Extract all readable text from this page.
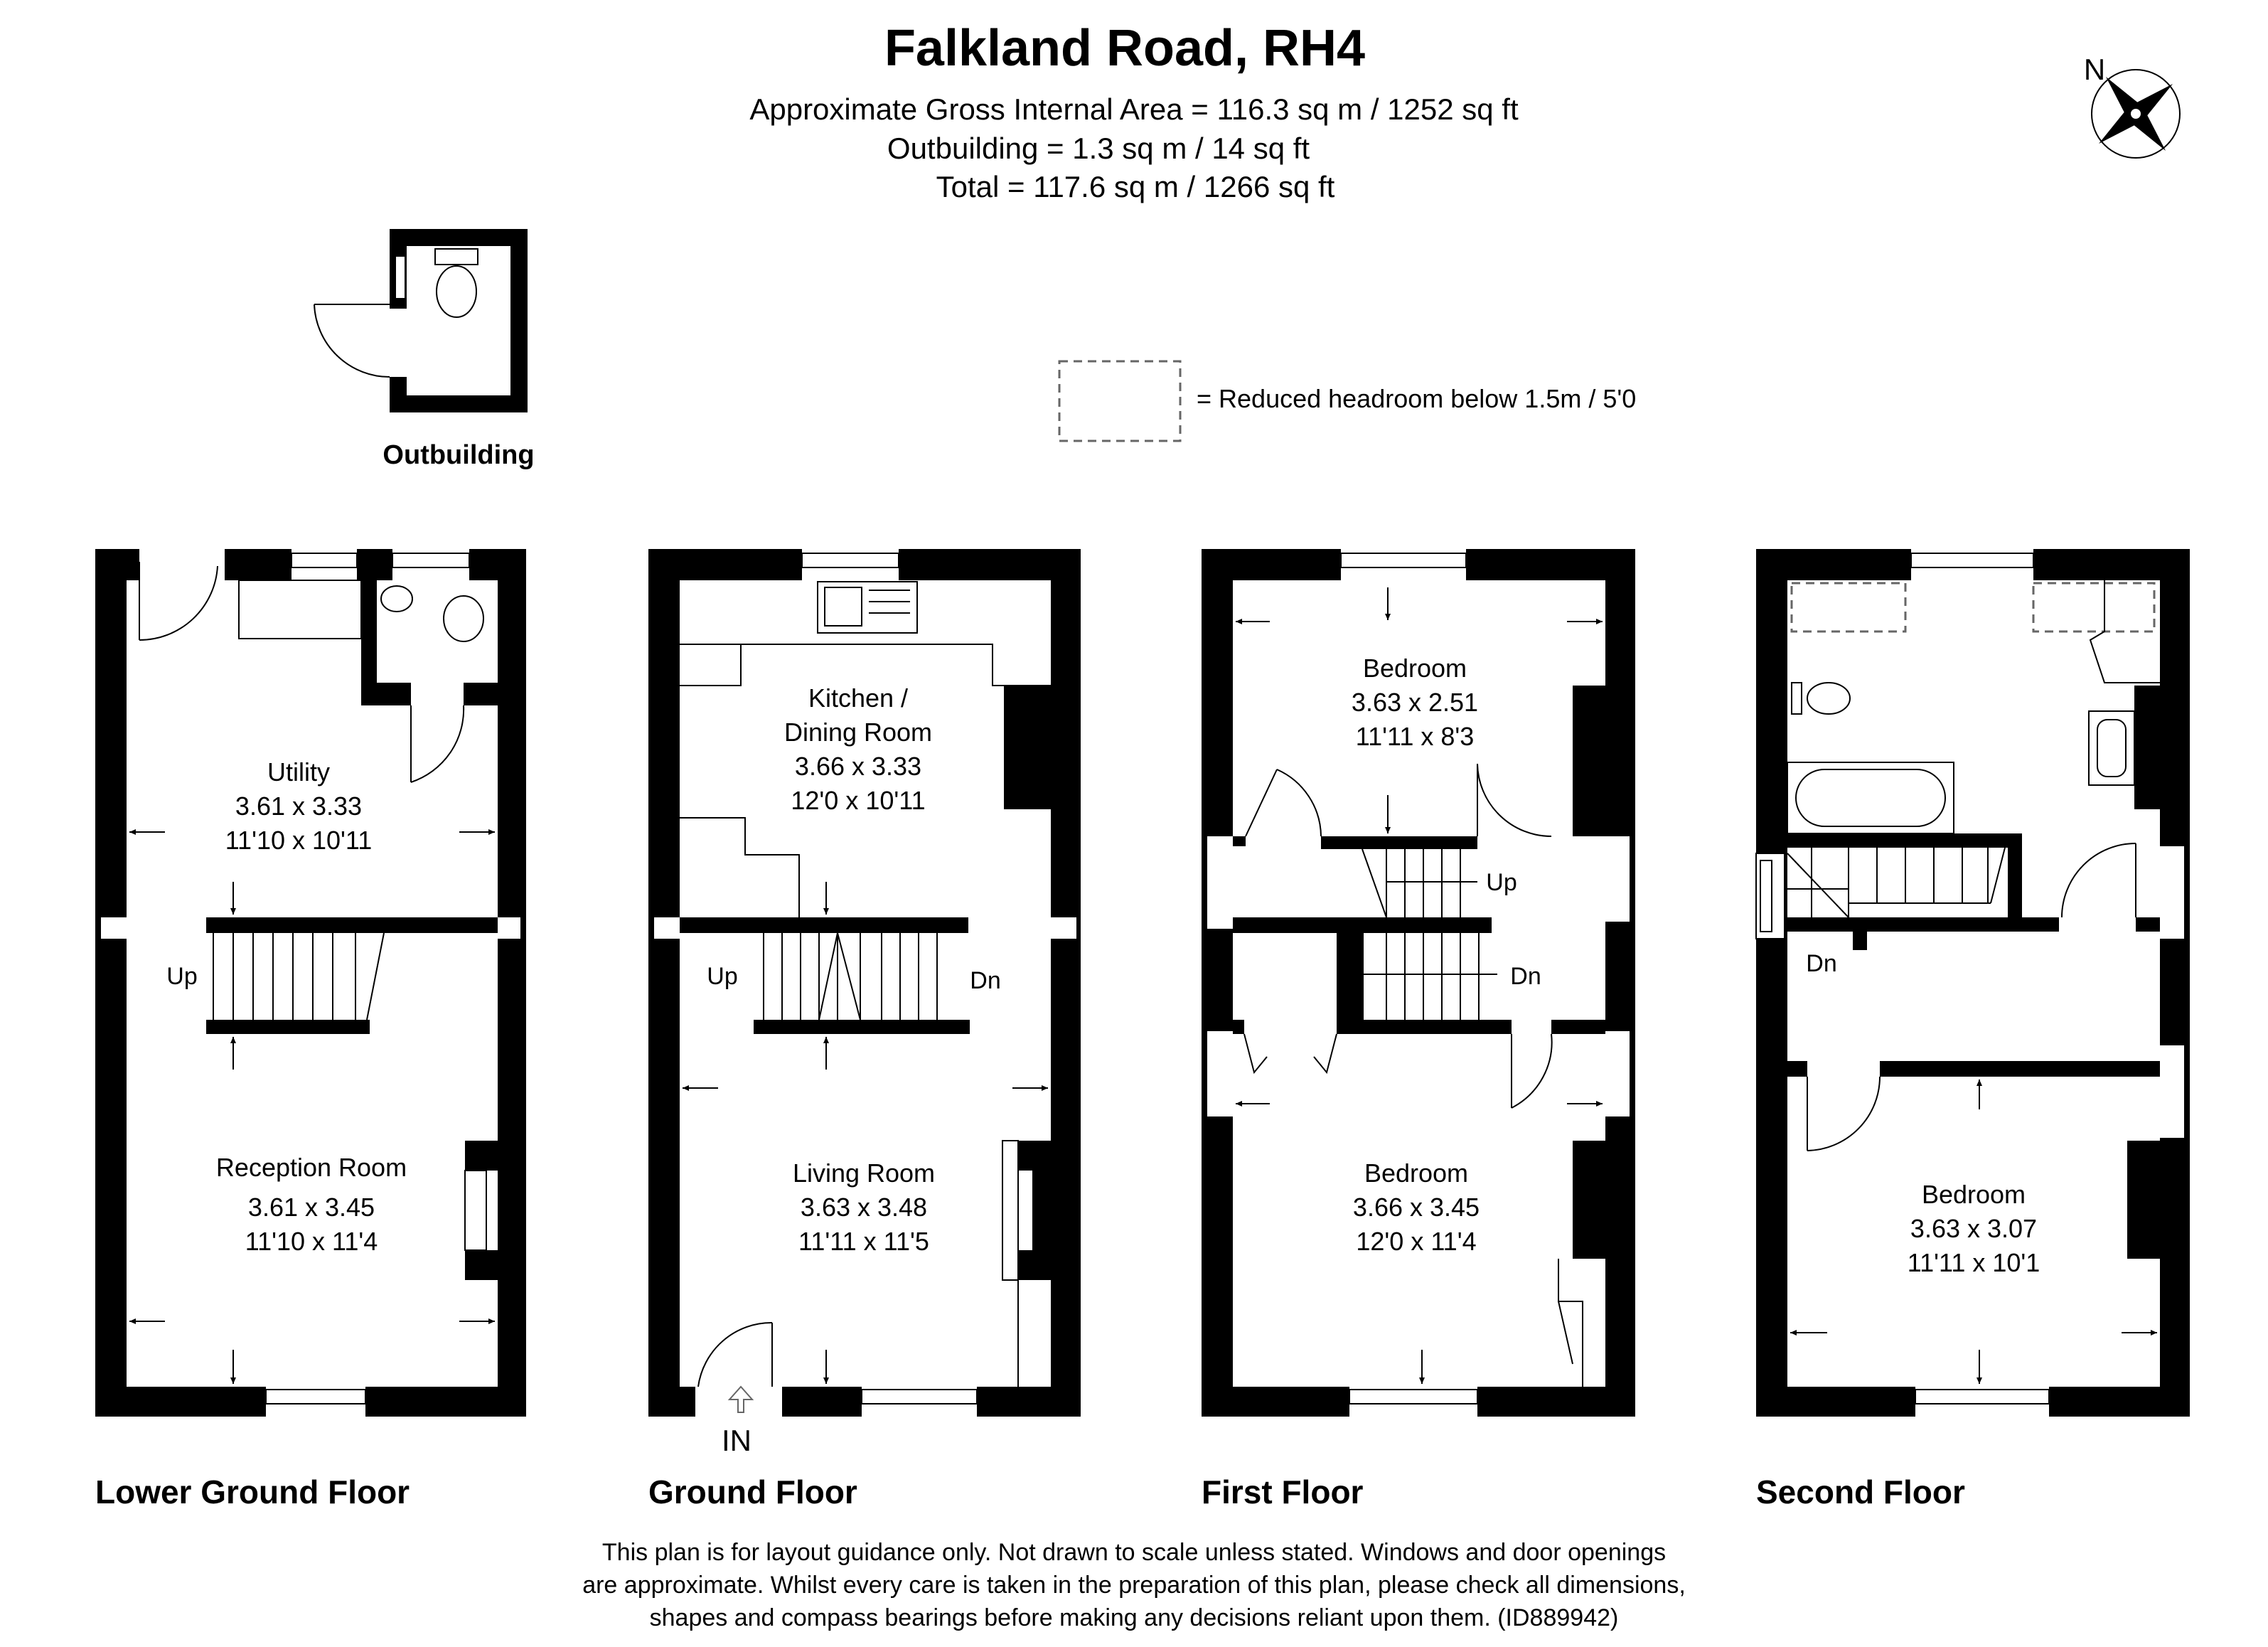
Falkland Road, RH4
Approximate Gross Internal Area = 116.3 sq m / 1252 sq ft
Outbuilding = 1.3 sq m / 14 sq ft
Total = 117.6 sq m / 1266 sq ft
N
= Reduced headroom below 1.5m / 5'0
Outbuilding
Utility
3.61 x 3.33
11'10 x 10'11
Up
Reception Room
3.61 x 3.45
11'10 x 11'4
Lower Ground Floor
Kitchen /
Dining Room
3.66 x 3.33
12'0 x 10'11
Up	Dn
Living Room
3.63 x 3.48
11'11 x 11'5
IN
Ground Floor
Bedroom
3.63 x 2.51
11'11 x 8'3
Up
Dn
Bedroom
3.66 x 3.45
12'0 x 11'4
First Floor
Dn
Bedroom
3.63 x 3.07
11'11 x 10'1
Second Floor
This plan is for layout guidance only. Not drawn to scale unless stated. Windows and door openings
are approximate. Whilst every care is taken in the preparation of this plan, please check all dimensions,
shapes and compass bearings before making any decisions reliant upon them. (ID889942)
